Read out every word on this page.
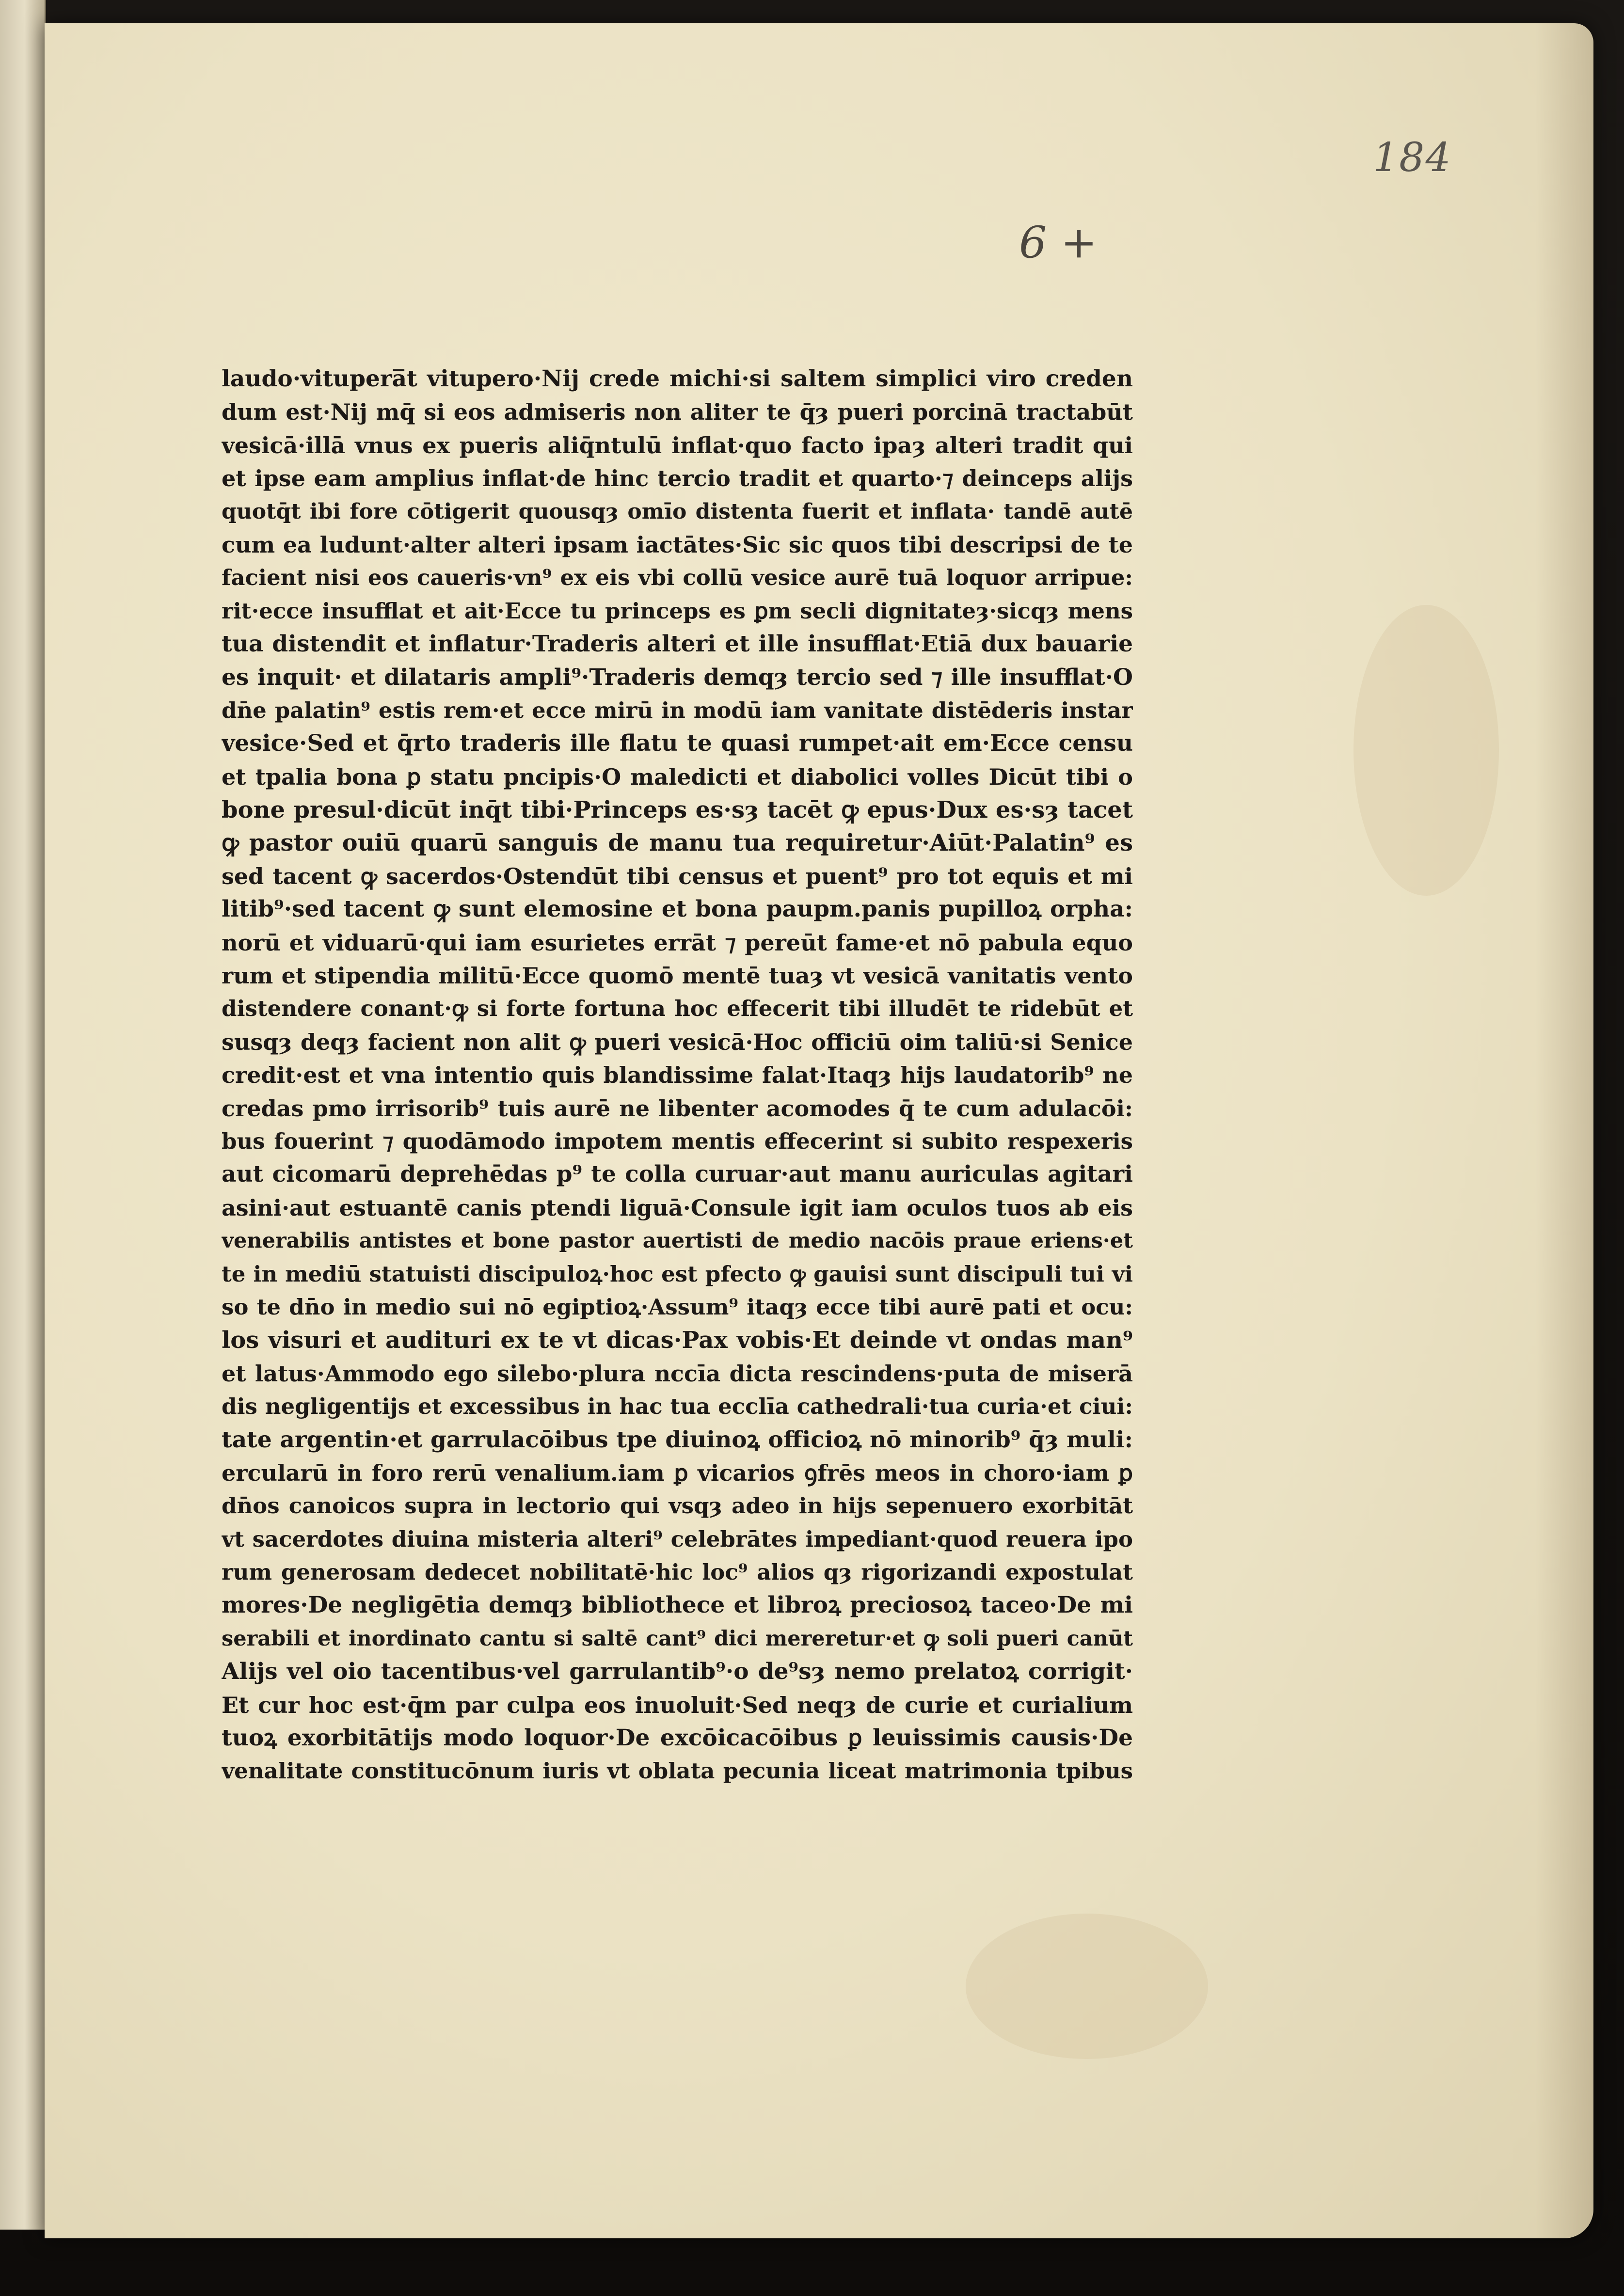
184
6 +
laudo·vitupera̅t vitupero·Nij crede michi·si saltem simplici viro creden
dum est·Nij mq̄ si eos admiseris non aliter te q̄ȝ pueri porcinā tractabūt
vesicā·illā vnus ex pueris aliq̄ntulū inflat·quo facto ipaȝ alteri tradit qui
et ipse eam amplius inflat·de hinc tercio tradit et quarto·⁊ deinceps alijs
quotq̄t ibi fore cōtigerit quousqȝ omīo distenta fuerit et inflata· tandē autē
cum ea ludunt·alter alteri ipsam iactātes·Sic sic quos tibi descripsi de te
facient nisi eos caueris·vn⁹ ex eis vbi collū vesice aurē tuā loquor arripue:
rit·ecce insufflat et ait·Ecce tu princeps es ꝑm secli dignitateȝ·sicqȝ mens
tua distendit et inflatur·Traderis alteri et ille insufflat·Etiā dux bauarie
es inquit· et dilataris ampli⁹·Traderis demqȝ tercio sed ⁊ ille insufflat·O
dn̄e palatin⁹ estis rem·et ecce mirū in modū iam vanitate distēderis instar
vesice·Sed et q̄rto traderis ille flatu te quasi rumpet·ait em·Ecce censu
et tpalia bona ꝑ statu pncipis·O maledicti et diabolici volles Dicūt tibi o
bone presul·dicūt inq̄t tibi·Princeps es·sȝ tacēt ꝙ epus·Dux es·sȝ tacet
ꝙ pastor ouiū quarū sanguis de manu tua requiretur·Aiūt·Palatin⁹ es
sed tacent ꝙ sacerdos·Ostendūt tibi census et puent⁹ pro tot equis et mi
litib⁹·sed tacent ꝙ sunt elemosine et bona paupm.panis pupilloꝝ orpha:
norū et viduarū·qui iam esurietes errāt ⁊ pereūt fame·et nō pabula equo
rum et stipendia militū·Ecce quomō mentē tuaȝ vt vesicā vanitatis vento
distendere conant·ꝙ si forte fortuna hoc effecerit tibi illudēt te ridebūt et
susqȝ deqȝ facient non alit ꝙ pueri vesicā·Hoc officiū oim taliū·si Senice
credit·est et vna intentio quis blandissime falat·Itaqȝ hijs laudatorib⁹ ne
credas pmo irrisorib⁹ tuis aurē ne libenter acomodes q̄ te cum adulacōi:
bus fouerint ⁊ quodāmodo impotem mentis effecerint si subito respexeris
aut cicomarū deprehēdas p⁹ te colla curuar·aut manu auriculas agitari
asini·aut estuantē canis ptendi liguā·Consule igit iam oculos tuos ab eis
venerabilis antistes et bone pastor auertisti de medio nacōis praue eriens·et
te in mediū statuisti discipuloꝝ·hoc est pfecto ꝙ gauisi sunt discipuli tui vi
so te dn̄o in medio sui nō egiptioꝝ·Assum⁹ itaqȝ ecce tibi aurē pati et ocu:
los visuri et audituri ex te vt dicas·Pax vobis·Et deinde vt ondas man⁹
et latus·Ammodo ego silebo·plura nccīa dicta rescindens·puta de miserā
dis negligentijs et excessibus in hac tua ecclīa cathedrali·tua curia·et ciui:
tate argentin·et garrulacōibus tpe diuinoꝝ officioꝝ nō minorib⁹ q̄ȝ muli:
ercularū in foro rerū venalium.iam ꝑ vicarios ꝯfrēs meos in choro·iam ꝑ
dn̄os canoicos supra in lectorio qui vsqȝ adeo in hijs sepenuero exorbitāt
vt sacerdotes diuina misteria alteri⁹ celebrātes impediant·quod reuera ipo
rum generosam dedecet nobilitatē·hic loc⁹ alios qȝ rigorizandi expostulat
mores·De negligētia demqȝ bibliothece et libroꝝ preciosoꝝ taceo·De mi
serabili et inordinato cantu si saltē cant⁹ dici mereretur·et ꝙ soli pueri canūt
Alijs vel oio tacentibus·vel garrulantib⁹·o de⁹sȝ nemo prelatoꝝ corrigit·
Et cur hoc est·q̄m par culpa eos inuoluit·Sed neqȝ de curie et curialium
tuoꝝ exorbitātijs modo loquor·De excōicacōibus ꝑ leuissimis causis·De
venalitate constitucōnum iuris vt oblata pecunia liceat matrimonia tpibus
